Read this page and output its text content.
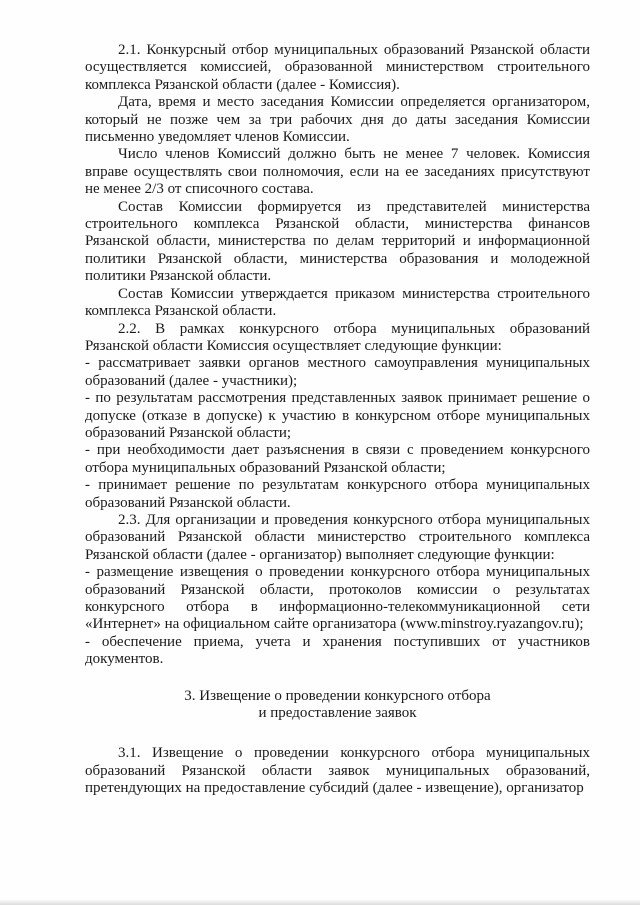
2.1. Конкурсный отбор муниципальных образований Рязанской области осуществляется комиссией, образованной министерством строительного комплекса Рязанской области (далее - Комиссия).

Дата, время и место заседания Комиссии определяется организатором, который не позже чем за три рабочих дня до даты заседания Комиссии письменно уведомляет членов Комиссии.

Число членов Комиссий должно быть не менее 7 человек. Комиссия вправе осуществлять свои полномочия, если на ее заседаниях присутствуют не менее 2/3 от списочного состава.

Состав Комиссии формируется из представителей министерства строительного комплекса Рязанской области, министерства финансов Рязанской области, министерства по делам территорий и информационной политики Рязанской области, министерства образования и молодежной политики Рязанской области.

Состав Комиссии утверждается приказом министерства строительного комплекса Рязанской области.

2.2. В рамках конкурсного отбора муниципальных образований Рязанской области Комиссия осуществляет следующие функции:

- рассматривает заявки органов местного самоуправления муниципальных образований (далее - участники);

- по результатам рассмотрения представленных заявок принимает решение о допуске (отказе в допуске) к участию в конкурсном отборе муниципальных образований Рязанской области;

- при необходимости дает разъяснения в связи с проведением конкурсного отбора муниципальных образований Рязанской области;

- принимает решение по результатам конкурсного отбора муниципальных образований Рязанской области.

2.3. Для организации и проведения конкурсного отбора муниципальных образований Рязанской области министерство строительного комплекса Рязанской области (далее - организатор) выполняет следующие функции:

- размещение извещения о проведении конкурсного отбора муниципальных образований Рязанской области, протоколов комиссии о результатах конкурсного отбора в информационно-телекоммуникационной сети «Интернет» на официальном сайте организатора (www.minstroy.ryazangov.ru);

- обеспечение приема, учета и хранения поступивших от участников документов.

3. Извещение о проведении конкурсного отбора
и предоставление заявок

3.1. Извещение о проведении конкурсного отбора муниципальных образований Рязанской области заявок муниципальных образований, претендующих на предоставление субсидий (далее - извещение), организатор
